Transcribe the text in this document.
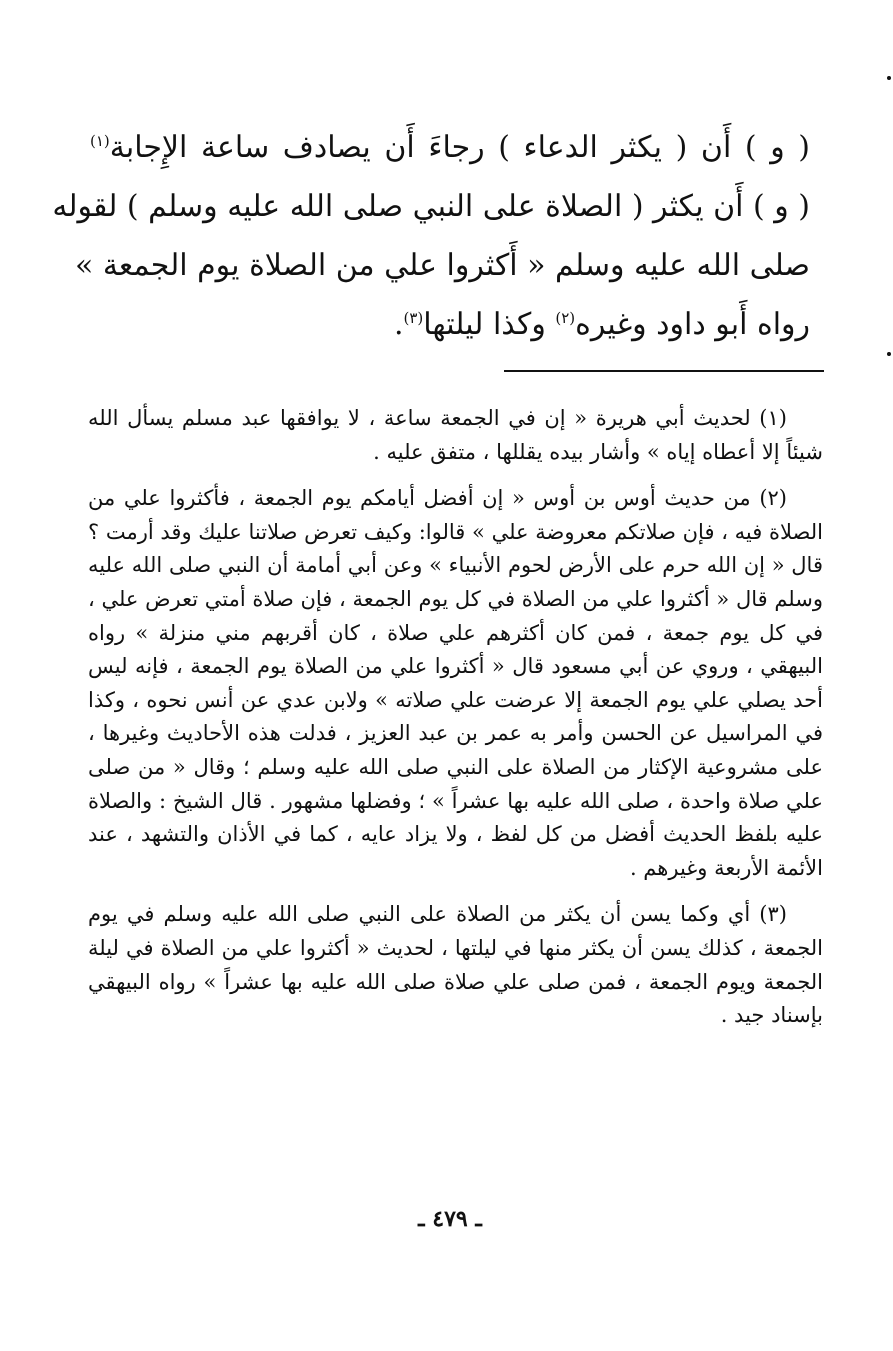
( و ) أَن ( يكثر الدعاء ) رجاءَ أَن يصادف ساعة الإِجابة$^{(١)}$
( و ) أَن يكثر ( الصلاة على النبي صلى الله عليه وسلم ) لقوله
صلى الله عليه وسلم « أَكثروا علي من الصلاة يوم الجمعة »
رواه أَبو داود وغيره$^{(٢)}$ وكذا ليلتها$^{(٣)}$.

(١) لحديث أبي هريرة « إن في الجمعة ساعة ، لا يوافقها عبد مسلم يسأل الله شيئاً إلا أعطاه إياه » وأشار بيده يقللها ، متفق عليه .

(٢) من حديث أوس بن أوس « إن أفضل أيامكم يوم الجمعة ، فأكثروا علي من الصلاة فيه ، فإن صلاتكم معروضة علي » قالوا: وكيف تعرض صلاتنا عليك وقد أرمت ؟ قال « إن الله حرم على الأرض لحوم الأنبياء » وعن أبي أمامة أن النبي صلى الله عليه وسلم قال « أكثروا علي من الصلاة في كل يوم الجمعة ، فإن صلاة أمتي تعرض علي ، في كل يوم جمعة ، فمن كان أكثرهم علي صلاة ، كان أقربهم مني منزلة » رواه البيهقي ، وروي عن أبي مسعود قال « أكثروا علي من الصلاة يوم الجمعة ، فإنه ليس أحد يصلي علي يوم الجمعة إلا عرضت علي صلاته » ولابن عدي عن أنس نحوه ، وكذا في المراسيل عن الحسن وأمر به عمر بن عبد العزيز ، فدلت هذه الأحاديث وغيرها ، على مشروعية الإكثار من الصلاة على النبي صلى الله عليه وسلم ؛ وقال « من صلى علي صلاة واحدة ، صلى الله عليه بها عشراً » ؛ وفضلها مشهور . قال الشيخ : والصلاة عليه بلفظ الحديث أفضل من كل لفظ ، ولا يزاد عايه ، كما في الأذان والتشهد ، عند الأئمة الأربعة وغيرهم .

(٣) أي وكما يسن أن يكثر من الصلاة على النبي صلى الله عليه وسلم في يوم الجمعة ، كذلك يسن أن يكثر منها في ليلتها ، لحديث « أكثروا علي من الصلاة في ليلة الجمعة ويوم الجمعة ، فمن صلى علي صلاة صلى الله عليه بها عشراً » رواه البيهقي بإسناد جيد .

ـ ٤٧٩ ـ
